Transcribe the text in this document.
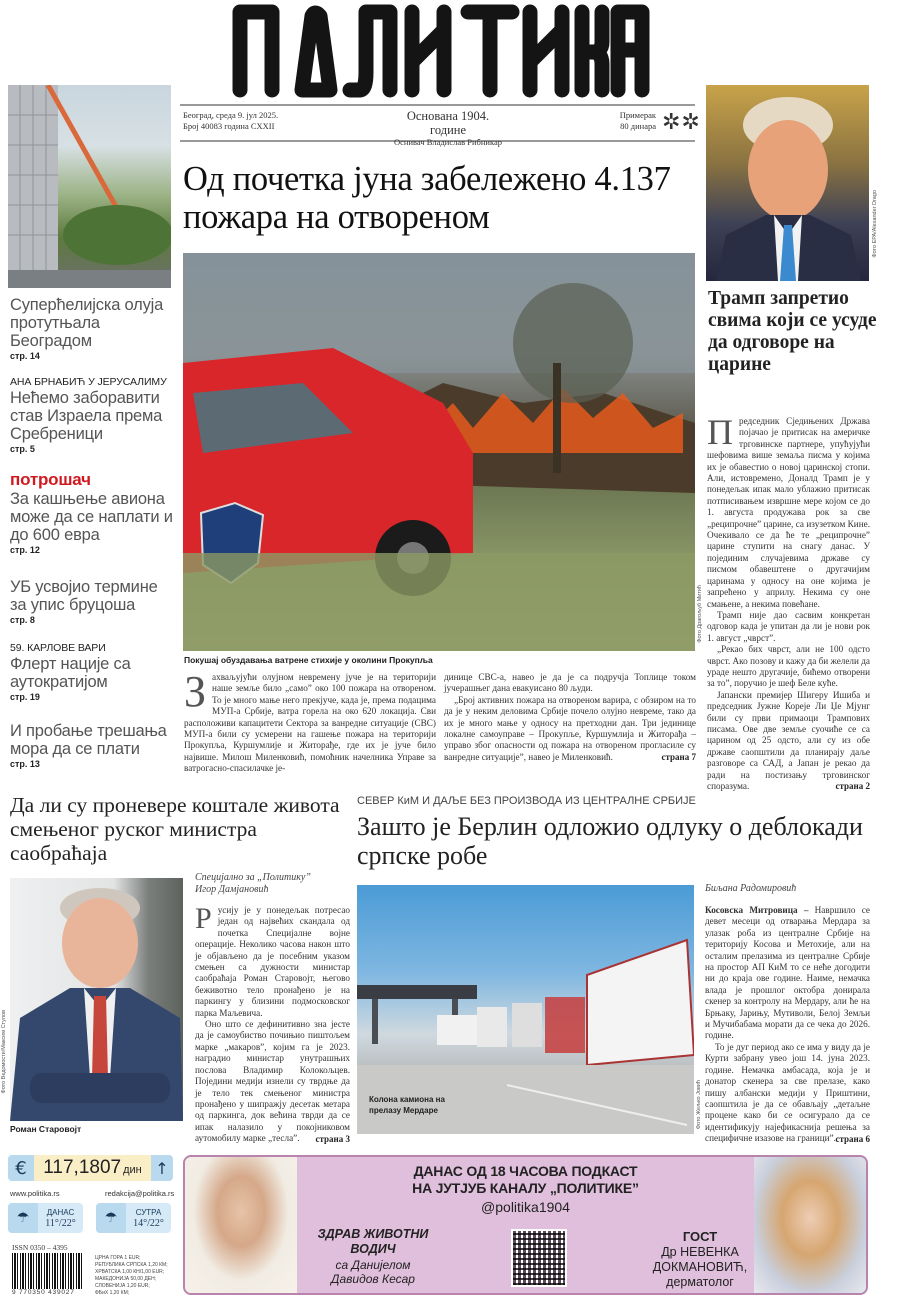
Београд, среда 9. јул 2025.
Број 40083 година CXXII
Основана 1904. године
Оснивач Владислав Рибникар
Примерак
80 динара ✲✲
Суперћелијска олуја протутњала Београдом
стр. 14
АНА БРНАБИЋ У ЈЕРУСАЛИМУ
Нећемо заборавити став Израела према Сребреници
стр. 5
потрошач
За кашњење авиона може да се наплати и до 600 евра
стр. 12
УБ усвојио термине за упис бруцоша
стр. 8
59. КАРЛОВЕ ВАРИ
Флерт нације са аутократијом
стр. 19
И пробање трешања мора да се плати
стр. 13
Од почетка јуна забележено 4.137 пожара на отвореном
Фото Драгољуб Митић
Покушај обуздавања ватрене стихије у околини Прокупља
З ахваљујући олујном невремену јуче је на територији наше земље било „само” око 100 пожара на отвореном. То је много мање него прекјуче, када је, према подацима МУП-а Србије, ватра горела на око 620 локација. Сви расположиви капацитети Сектора за ванредне ситуације (СВС) МУП-а били су усмерени на гашење пожара на територији Прокупља, Куршумлије и Житорађе, где их је јуче било највише. Милош Миленковић, помоћник начелника Управе за ватрогасно-спасилачке је-
динице СВС-а, навео је да је са подручја Топлице током јучерашњег дана евакуисано 80 људи.
„Број активних пожара на отвореном варира, с обзиром на то да је у неким деловима Србије почело олујно невреме, тако да их је много мање у односу на претходни дан. Три јединице локалне самоуправе – Прокупље, Куршумлија и Житорађа – управо због опасности од пожара на отвореном прогласиле су ванредне ситуације”, навео је Миленковић.	страна 7
Фото EPA/Alexander Drago
Трамп запретио свима који се усуде да одговоре на царине
П редседник Сједињених Држава појачао је притисак на америчке трговинске партнере, упућујући шефовима више земаља писма у којима их је обавестио о новој царинској стопи. Али, истовремено, Доналд Трамп је у понедељак ипак мало ублажио притисак потписивањем извршне мере којом се до 1. августа продужава рок за све „реципрочне” царине, са изузетком Кине. Очекивало се да ће те „реципрочне” царине ступити на снагу данас. У појединим случајевима државе су писмом обавештене о другачијим царинама у односу на оне којима је запрећено у априлу. Некима су оне смањене, а некима повећане.
Трамп није дао сасвим конкретан одговор када је упитан да ли је нови рок 1. август „чврст”.
„Рекао бих чврст, али не 100 одсто чврст. Ако позову и кажу да би желели да ураде нешто другачије, бићемо отворени за то”, поручио је шеф Беле куће.
Јапански премијер Шигеру Ишиба и председник Јужне Кореје Ли Џе Мјунг били су први примаоци Трампових писама. Ове две земље суочиће се са царином од 25 одсто, али су из обе државе саопштили да планирају даље разговоре са САД, а Јапан је рекао да ради на постизању трговинског споразума.	страна 2
Да ли су проневере коштале живота смењеног руског министра саобраћаја
Фото Ведомости/Максим Стулов
Роман Старовојт
Специјално за „Политику”
Игор Дамјановић
Р усију је у понедељак потресао један од највећих скандала од почетка Специјалне војне операције. Неколико часова након што је објављено да је посебним указом смењен са дужности министар саобраћаја Роман Старовојт, његово беживотно тело пронађено је на паркингу у близини подмосковског парка Маљевича.
Оно што се дефинитивно зна јесте да је самоубиство почињио пиштољем марке „макаров”, којим га је 2023. наградио министар унутрашњих послова Владимир Колокољцев. Поједини медији изнели су тврдње да је тело тек смењеног министра пронађено у шипражју десетак метара од паркинга, док већина тврди да се ипак налазило у покојниковом аутомобилу марке „тесла”.	страна 3
СЕВЕР КиМ И ДАЉЕ БЕЗ ПРОИЗВОДА ИЗ ЦЕНТРАЛНЕ СРБИЈЕ
Зашто је Берлин одложио одлуку о деблокади српске робе
Колона камиона на прелазу Мердаре	Фото Жељко Јовић
Биљана Радомировић
Косовска Митровица – Навршило се девет месеци од отварања Мердара за улазак роба из централне Србије на територију Косова и Метохије, али на осталим прелазима из централне Србије на простор АП КиМ то се неће догодити ни до краја ове године. Наиме, немачка влада је прошлог октобра донирала скенер за контролу на Мердару, али ће на Брњаку, Јарињу, Мутиволи, Белој Земљи и Мучибабама морати да се чека до 2026. године.
То је дуг период ако се има у виду да је Курти забрану увео још 14. јуна 2023. године. Немачка амбасада, која је и донатор скенера за све прелазе, како пишу албански медији у Приштини, саопштила је да се обављају „детаљне процене како би се осигурало да се идентификују најефикаснија решења за специфичне изазове на граници”. страна 6
€ 117,1807 дин ↑
www.politika.rs	redakcija@politika.rs
☂	ДАНАС
11°/22°	☂	СУТРА
14°/22°
ISSN 0350 – 4395
9 770350 439027
ЦРНА ГОРА 1 EUR;
РЕПУБЛИКА СРПСКА 1,20 КМ;
ХРВАТСКА 1,00 КН/1,00 EUR;
МАКЕДОНИЈА 50,00 ДЕН;
СЛОВЕНИЈА 1,20 EUR;
ФБиХ 1,20 КМ;
ДАНАС ОД 18 ЧАСОВА ПОДКАСТ
НА ЈУТЈУБ КАНАЛУ „ПОЛИТИКЕ”
@politika1904
ЗДРАВ ЖИВОТНИ
ВОДИЧ
са Данијелом
Давидов Кесар
ГОСТ
Др НЕВЕНКА
ДОКМАНОВИЋ,
дерматолог
